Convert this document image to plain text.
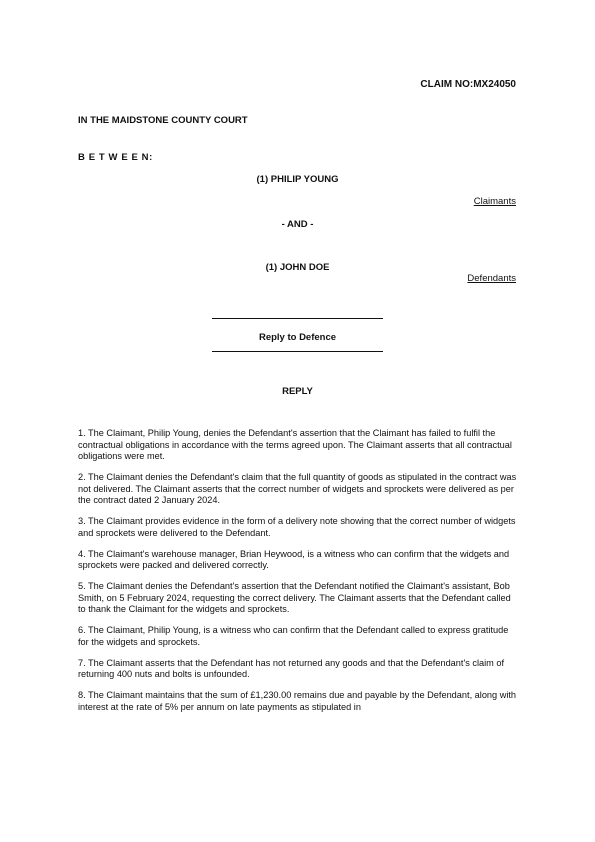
CLAIM NO:MX24050
IN THE MAIDSTONE COUNTY COURT
B E T W E E N:
(1) PHILIP YOUNG
Claimants
- AND -
(1) JOHN DOE
Defendants
Reply to Defence
REPLY

1. The Claimant, Philip Young, denies the Defendant's assertion that the Claimant has failed to fulfil the contractual obligations in accordance with the terms agreed upon. The Claimant asserts that all contractual obligations were met.

2. The Claimant denies the Defendant's claim that the full quantity of goods as stipulated in the contract was not delivered. The Claimant asserts that the correct number of widgets and sprockets were delivered as per the contract dated 2 January 2024.

3. The Claimant provides evidence in the form of a delivery note showing that the correct number of widgets and sprockets were delivered to the Defendant.

4. The Claimant's warehouse manager, Brian Heywood, is a witness who can confirm that the widgets and sprockets were packed and delivered correctly.

5. The Claimant denies the Defendant's assertion that the Defendant notified the Claimant's assistant, Bob Smith, on 5 February 2024, requesting the correct delivery. The Claimant asserts that the Defendant called to thank the Claimant for the widgets and sprockets.

6. The Claimant, Philip Young, is a witness who can confirm that the Defendant called to express gratitude for the widgets and sprockets.

7. The Claimant asserts that the Defendant has not returned any goods and that the Defendant's claim of returning 400 nuts and bolts is unfounded.

8. The Claimant maintains that the sum of £1,230.00 remains due and payable by the Defendant, along with interest at the rate of 5% per annum on late payments as stipulated in
